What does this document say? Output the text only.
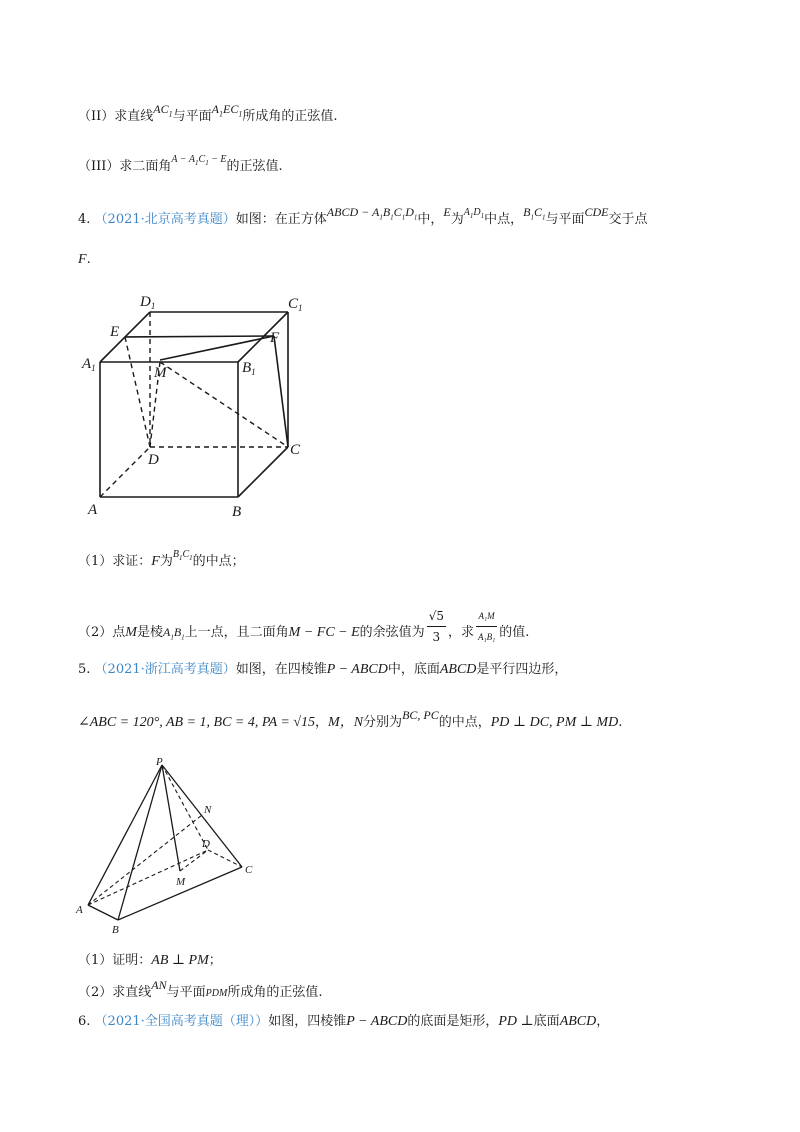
（II）求直线$AC_1$与平面$A_1EC_1$所成角的正弦值.
（III）求二面角$^{A - A_1C_1 - E}$的正弦值.
4. （2021·北京高考真题）如图：在正方体ABCD − $A_1B_1C_1D_1$中，E为$^{A_1D_1}$中点，$B_1C_1$与平面CDE交于点
F.
$D_1$	$C_1$
E	F
$A_1$	M	$B_1$
D
C
A	B
（1）求证：F为$^{B_1C_1}$的中点；
（2）点M是棱$A_1B_1$上一点，且二面角M − FC − E的余弦值为 $\frac{√5}{3}$ ，求 $\frac{\text{A₁M}}{\text{A₁B₁}}$ 的值.
5. （2021·浙江高考真题）如图，在四棱锥P − ABCD中，底面ABCD是平行四边形，
∠ABC = 120°, AB = 1, BC = 4, PA = √15，M，N分别为BC, PC的中点，PD ⊥ DC, PM ⊥ MD.
P
N
D
C
A
M
B
（1）证明：AB ⊥ PM；
（2）求直线AN与平面PDM所成角的正弦值.
6. （2021·全国高考真题（理））如图，四棱锥P − ABCD的底面是矩形，PD ⊥底面ABCD，
